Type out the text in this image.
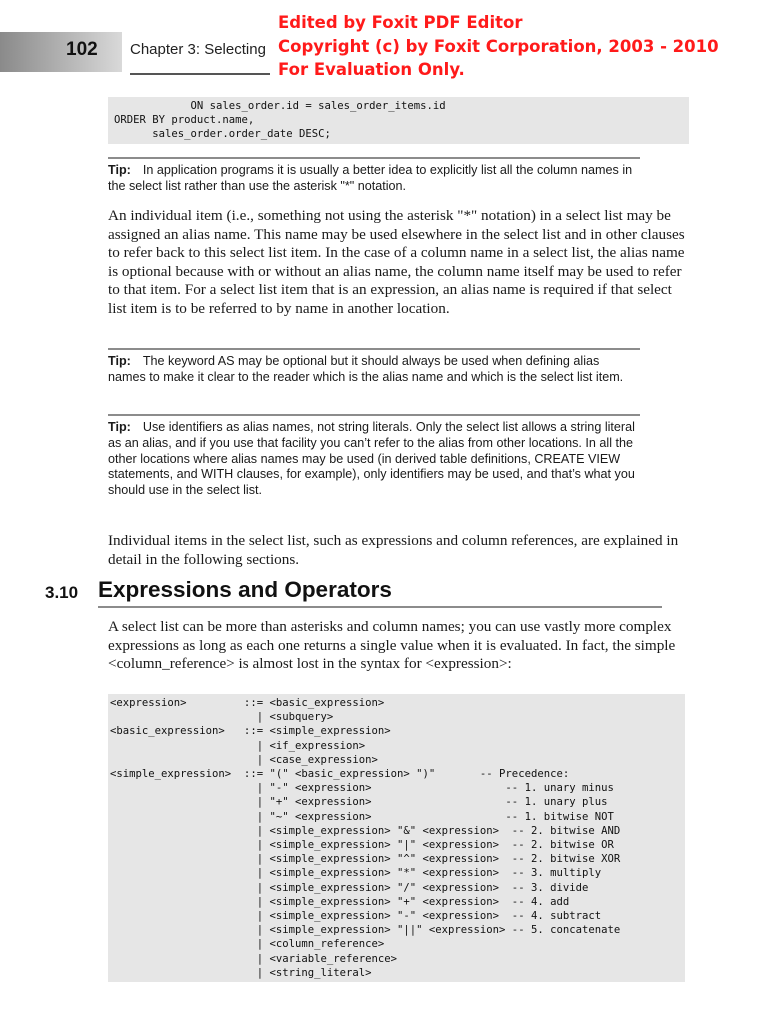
102 Chapter 3: Selecting
Edited by Foxit PDF Editor
Copyright (c) by Foxit Corporation, 2003 - 2010
For Evaluation Only.
ON sales_order.id = sales_order_items.id
ORDER BY product.name,
sales_order.order_date DESC;
Tip: In application programs it is usually a better idea to explicitly list all the column names in the select list rather than use the asterisk "*" notation.

An individual item (i.e., something not using the asterisk "*" notation) in a select list may be assigned an alias name. This name may be used elsewhere in the select list and in other clauses to refer back to this select list item. In the case of a column name in a select list, the alias name is optional because with or without an alias name, the column name itself may be used to refer to that item. For a select list item that is an expression, an alias name is required if that select list item is to be referred to by name in another location.

Tip: The keyword AS may be optional but it should always be used when defining alias names to make it clear to the reader which is the alias name and which is the select list item.
Tip: Use identifiers as alias names, not string literals. Only the select list allows a string literal as an alias, and if you use that facility you can’t refer to the alias from other locations. In all the other locations where alias names may be used (in derived table definitions, CREATE VIEW statements, and WITH clauses, for example), only identifiers may be used, and that’s what you should use in the select list.

Individual items in the select list, such as expressions and column references, are explained in detail in the following sections.

3.10 Expressions and Operators

A select list can be more than asterisks and column names; you can use vastly more complex expressions as long as each one returns a single value when it is evaluated. In fact, the simple <column_reference> is almost lost in the syntax for <expression>:

<expression>         ::= <basic_expression>
| <subquery>
<basic_expression>   ::= <simple_expression>
| <if_expression>
| <case_expression>
<simple_expression>  ::= "(" <basic_expression> ")"       -- Precedence:
| "-" <expression>                     -- 1. unary minus
| "+" <expression>                     -- 1. unary plus
| "~" <expression>                     -- 1. bitwise NOT
| <simple_expression> "&" <expression>  -- 2. bitwise AND
| <simple_expression> "|" <expression>  -- 2. bitwise OR
| <simple_expression> "^" <expression>  -- 2. bitwise XOR
| <simple_expression> "*" <expression>  -- 3. multiply
| <simple_expression> "/" <expression>  -- 3. divide
| <simple_expression> "+" <expression>  -- 4. add
| <simple_expression> "-" <expression>  -- 4. subtract
| <simple_expression> "||" <expression> -- 5. concatenate
| <column_reference>
| <variable_reference>
| <string_literal>
